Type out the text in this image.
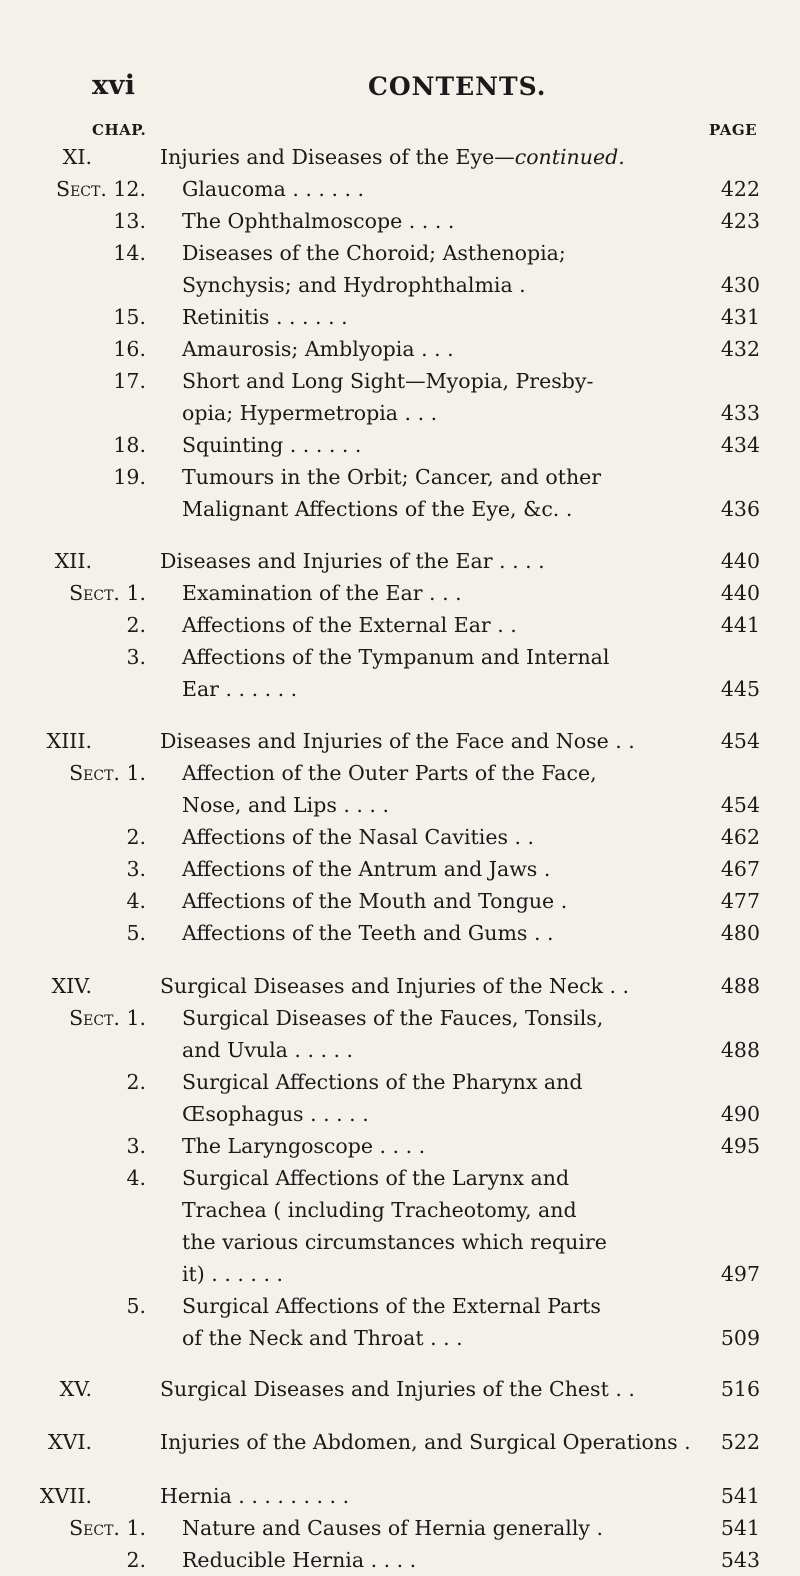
xvi	CONTENTS.
CHAP.	PAGE
XI.	Injuries and Diseases of the Eye—continued.
Sect. 12. Glaucoma . . . . . .	422
13. The Ophthalmoscope . . . .	423
14. Diseases of the Choroid; Asthenopia;
Synchysis; and Hydrophthalmia .	430
15. Retinitis . . . . . .	431
16. Amaurosis; Amblyopia . . .	432
17. Short and Long Sight—Myopia, Presby-
opia; Hypermetropia . . .	433
18. Squinting . . . . . .	434
19. Tumours in the Orbit; Cancer, and other
Malignant Affections of the Eye, &c. .	436
XII.	Diseases and Injuries of the Ear . . . .	440
Sect. 1. Examination of the Ear . . .	440
2. Affections of the External Ear . .	441
3. Affections of the Tympanum and Internal
Ear . . . . . .	445
XIII.	Diseases and Injuries of the Face and Nose . .	454
Sect. 1. Affection of the Outer Parts of the Face,
Nose, and Lips . . . .	454
2. Affections of the Nasal Cavities . .	462
3. Affections of the Antrum and Jaws .	467
4. Affections of the Mouth and Tongue .	477
5. Affections of the Teeth and Gums . .	480
XIV.	Surgical Diseases and Injuries of the Neck . .	488
Sect. 1. Surgical Diseases of the Fauces, Tonsils,
and Uvula . . . . .	488
2. Surgical Affections of the Pharynx and
Œsophagus . . . . .	490
3. The Laryngoscope . . . .	495
4. Surgical Affections of the Larynx and
Trachea ( including Tracheotomy, and
the various circumstances which require
it) . . . . . .	497
5. Surgical Affections of the External Parts
of the Neck and Throat . . .	509
XV.	Surgical Diseases and Injuries of the Chest . .	516
XVI.	Injuries of the Abdomen, and Surgical Operations . 522
XVII.	Hernia . . . . . . . . .	541
Sect. 1. Nature and Causes of Hernia generally .	541
2. Reducible Hernia . . . .	543
